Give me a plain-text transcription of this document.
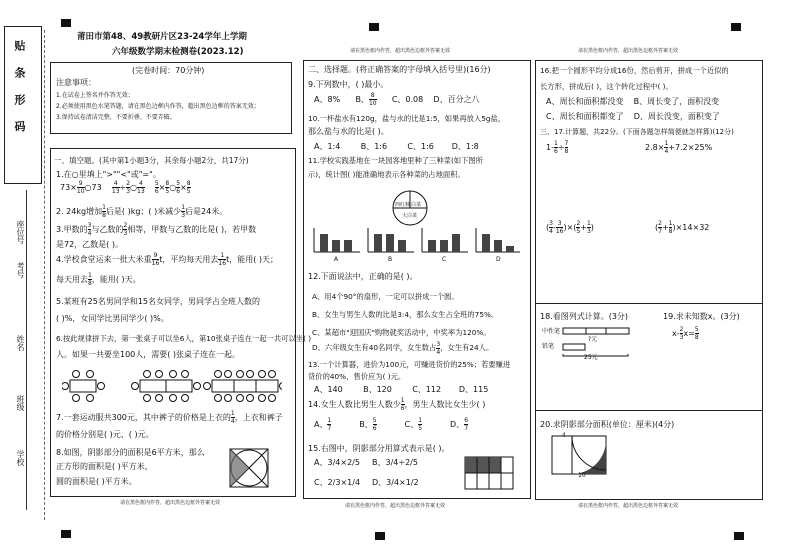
贴 条 形 码
座位号
考号
姓名
班级
学校
莆田市第48、49教研片区23-24学年上学期
六年级数学期末检测卷(2023.12)
(完卷时间：70分钟)
注意事项：
1.在试卷上签名并作答无效；
2.必须使用黑色水笔答题，请在黑色边框内作答，超出黑色边框的答案无效；
3.保持试卷清洁完整，不要折叠、不要弄破。
请在黑色框内作答，超出黑色边框外答案无效	请在黑色框内作答，超出黑色边框外答案无效
请在黑色框内作答，超出黑色边框外答案无效	请在黑色框内作答，超出黑色边框外答案无效	请在黑色框内作答，超出黑色边框外答案无效
一、填空题。(其中第1小题3分，其余每小题2分，共17分)
1.在○里填上">""<"或"="。
$73\times \frac{9}{10}$ ○73 $\frac{4}{13} \div \frac{2}{3}$ ○ $\frac{4}{13}$
$\frac{5}{6} \times \frac{8}{5}$ ○ $\frac{5}{6} \times \frac{8}{5}$
2. 24kg增加 $\frac{1}{8}$ 后是( )kg；( )米减少 $\frac{1}{3}$ 后是24米。
3.甲数的 $\frac{3}{4}$ 与乙数的 $\frac{2}{3}$ 相等，甲数与乙数的比是( )，若甲数
是72，乙数是( )。
4.学校食堂运来一批大米重 $\frac{9}{16}$ t，平均每天用去 $\frac{1}{16}$ t，能用( )天；
每天用去 $\frac{1}{8}$ ，能用( )天。
5.某班有25名男同学和15名女同学，男同学占全班人数的
( )%，女同学比男同学少( )%。
6.按此规律拼下去，第一张桌子可以坐6人，第10张桌子连在一起一共可以坐( )
人。如果一共要坐100人，需要( )张桌子连在一起。
7.一套运动服共300元，其中裤子的价格是上衣的 $\frac{1}{4}$ ，上衣和裤子
的价格分别是( )元、( )元。
8.如图，阴影部分的面积是6平方米，那么
正方形的面积是( )平方米，
圆的面积是( )平方米。
二、选择题。(将正确答案的字母填入括号里)(16分)
9.下列数中，( )最小。
A、8% B、 $\frac{8}{10}$ C、0.08 D、百分之八
10.一杯盐水有120g，盐与水的比是1:5，如果再放入5g盐，
那么盐与水的比是( )。
A、1:4	B、1:6	C、1:6 D、1:8
11.学校实践基地在一块园客地里种了三种菜(如下图所
示)，统计图( )能准确地表示各种菜的占地面积。
西红柿 白菜
大白菜
A	B	C	D
12.下面说法中，正确的是( )。
A、用4个90°的扇形，一定可以拼成一个圆。
B、女生与男生人数的比是3:4，那么女生占全班的75%。
C、某超市"迎国庆"购物就奖活动中，中奖率为120%。
D、六年级女生有40名同学，女生数占 $\frac{3}{4}$ ，女生有24人。
13.一个计算器，进价为100元，可赚进货价的25%；若要赚进
货价的40%，售价应为( )元。
A、140	B、120	C、112 D、115
14.女生人数比男生人数少 $\frac{1}{6}$ ，男生人数比女生少( )
A、 $\frac{1}{7}$	B、 $\frac{5}{6}$	C、 $\frac{1}{5}$	D、 $\frac{6}{7}$
15.右图中，阴影部分用算式表示是( )。
A、3/4×2/5 B、3/4÷2/5
C、2/3×1/4 D、3/4×1/2
16.把一个圆形平均分成16份，然后剪开，拼成一个近似的
长方形，拼成后( )，这个转化过程中( )。
A、周长和面积都没变 B、周长变了，面积没变
C、周长和面积都变了 D、周长没变，面积变了
三、17.计算题，共22分。(下面各题怎样简便就怎样算)(12分)
$1- \frac{1}{6} \div \frac{7}{8}$	$2.8\times \frac{1}{4} +7.2\times 25\%$
( $\frac{3}{4} - \frac{3}{16}$ )×( $\frac{2}{5} + \frac{1}{3}$ )	( $\frac{2}{7} + \frac{1}{8} )\times 14\times 32$
18.看图列式计算。(3分)
中性笔
铅笔
?元
25元
19.求未知数x。(3分)
$x- \frac{2}{3} x= \frac{5}{8}$
20.求阴影部分面积(单位：厘米)(4分)
4
10
